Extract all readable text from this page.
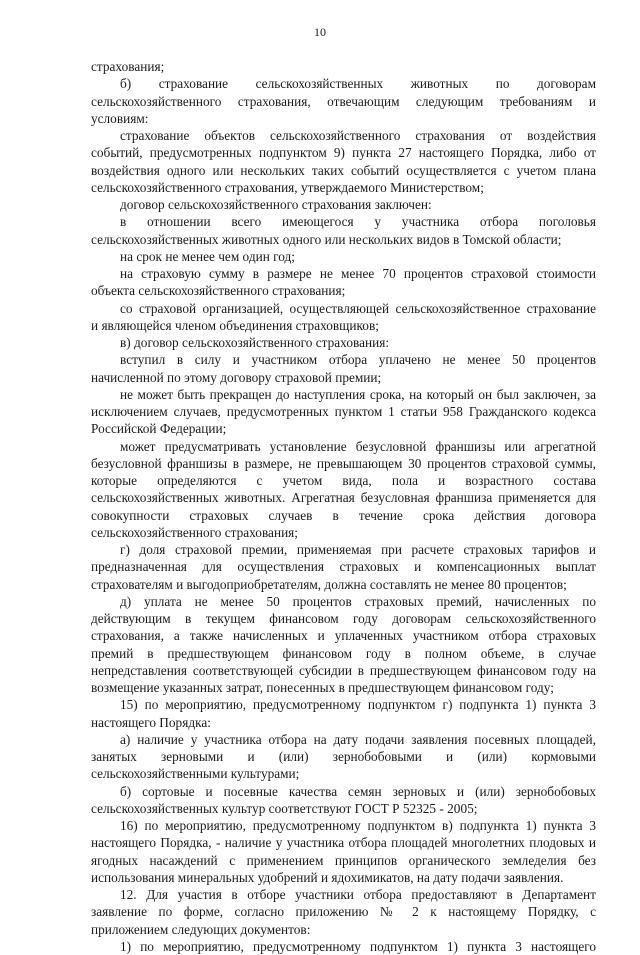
10
страхования;
б) страхование сельскохозяйственных животных по договорам
сельскохозяйственного страхования, отвечающим следующим требованиям и
условиям:
страхование объектов сельскохозяйственного страхования от воздействия
событий, предусмотренных подпунктом 9) пункта 27 настоящего Порядка, либо от
воздействия одного или нескольких таких событий осуществляется с учетом плана
сельскохозяйственного страхования, утверждаемого Министерством;
договор сельскохозяйственного страхования заключен:
в отношении всего имеющегося у участника отбора поголовья
сельскохозяйственных животных одного или нескольких видов в Томской области;
на срок не менее чем один год;
на страховую сумму в размере не менее 70 процентов страховой стоимости
объекта сельскохозяйственного страхования;
со страховой организацией, осуществляющей сельскохозяйственное страхование
и являющейся членом объединения страховщиков;
в) договор сельскохозяйственного страхования:
вступил в силу и участником отбора уплачено не менее 50 процентов
начисленной по этому договору страховой премии;
не может быть прекращен до наступления срока, на который он был заключен, за
исключением случаев, предусмотренных пунктом 1 статьи 958 Гражданского кодекса
Российской Федерации;
может предусматривать установление безусловной франшизы или агрегатной
безусловной франшизы в размере, не превышающем 30 процентов страховой суммы,
которые определяются с учетом вида, пола и возрастного состава
сельскохозяйственных животных. Агрегатная безусловная франшиза применяется для
совокупности страховых случаев в течение срока действия договора
сельскохозяйственного страхования;
г) доля страховой премии, применяемая при расчете страховых тарифов и
предназначенная для осуществления страховых и компенсационных выплат
страхователям и выгодоприобретателям, должна составлять не менее 80 процентов;
д) уплата не менее 50 процентов страховых премий, начисленных по
действующим в текущем финансовом году договорам сельскохозяйственного
страхования, а также начисленных и уплаченных участником отбора страховых
премий в предшествующем финансовом году в полном объеме, в случае
непредставления соответствующей субсидии в предшествующем финансовом году на
возмещение указанных затрат, понесенных в предшествующем финансовом году;
15) по мероприятию, предусмотренному подпунктом г) подпункта 1) пункта 3
настоящего Порядка:
а) наличие у участника отбора на дату подачи заявления посевных площадей,
занятых зерновыми и (или) зернобобовыми и (или) кормовыми
сельскохозяйственными культурами;
б) сортовые и посевные качества семян зерновых и (или) зернобобовых
сельскохозяйственных культур соответствуют ГОСТ Р 52325 - 2005;
16) по мероприятию, предусмотренному подпунктом в) подпункта 1) пункта 3
настоящего Порядка, - наличие у участника отбора площадей многолетних плодовых и
ягодных насаждений с применением принципов органического земледелия без
использования минеральных удобрений и ядохимикатов, на дату подачи заявления.
12. Для участия в отборе участники отбора предоставляют в Департамент
заявление по форме, согласно приложению № 2 к настоящему Порядку, с
приложением следующих документов:
1) по мероприятию, предусмотренному подпунктом 1) пункта 3 настоящего
